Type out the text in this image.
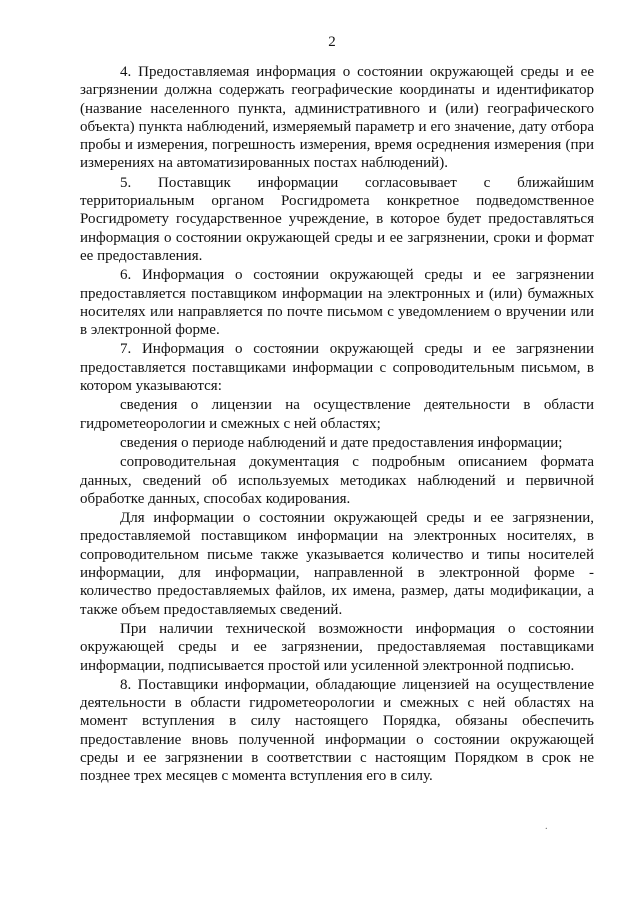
2

4. Предоставляемая информация о состоянии окружающей среды и ее загрязнении должна содержать географические координаты и идентификатор (название населенного пункта, административного и (или) географического объекта) пункта наблюдений, измеряемый параметр и его значение, дату отбора пробы и измерения, погрешность измерения, время осреднения измерения (при измерениях на автоматизированных постах наблюдений).

5. Поставщик информации согласовывает с ближайшим территориальным органом Росгидромета конкретное подведомственное Росгидромету государственное учреждение, в которое будет предоставляться информация о состоянии окружающей среды и ее загрязнении, сроки и формат ее предоставления.

6. Информация о состоянии окружающей среды и ее загрязнении предоставляется поставщиком информации на электронных и (или) бумажных носителях или направляется по почте письмом с уведомлением о вручении или в электронной форме.

7. Информация о состоянии окружающей среды и ее загрязнении предоставляется поставщиками информации с сопроводительным письмом, в котором указываются:

сведения о лицензии на осуществление деятельности в области гидрометеорологии и смежных с ней областях;

сведения о периоде наблюдений и дате предоставления информации;

сопроводительная документация с подробным описанием формата данных, сведений об используемых методиках наблюдений и первичной обработке данных, способах кодирования.

Для информации о состоянии окружающей среды и ее загрязнении, предоставляемой поставщиком информации на электронных носителях, в сопроводительном письме также указывается количество и типы носителей информации, для информации, направленной в электронной форме - количество предоставляемых файлов, их имена, размер, даты модификации, а также объем предоставляемых сведений.

При наличии технической возможности информация о состоянии окружающей среды и ее загрязнении, предоставляемая поставщиками информации, подписывается простой или усиленной электронной подписью.

8. Поставщики информации, обладающие лицензией на осуществление деятельности в области гидрометеорологии и смежных с ней областях на момент вступления в силу настоящего Порядка, обязаны обеспечить предоставление вновь полученной информации о состоянии окружающей среды и ее загрязнении в соответствии с настоящим Порядком в срок не позднее трех месяцев с момента вступления его в силу.

·
